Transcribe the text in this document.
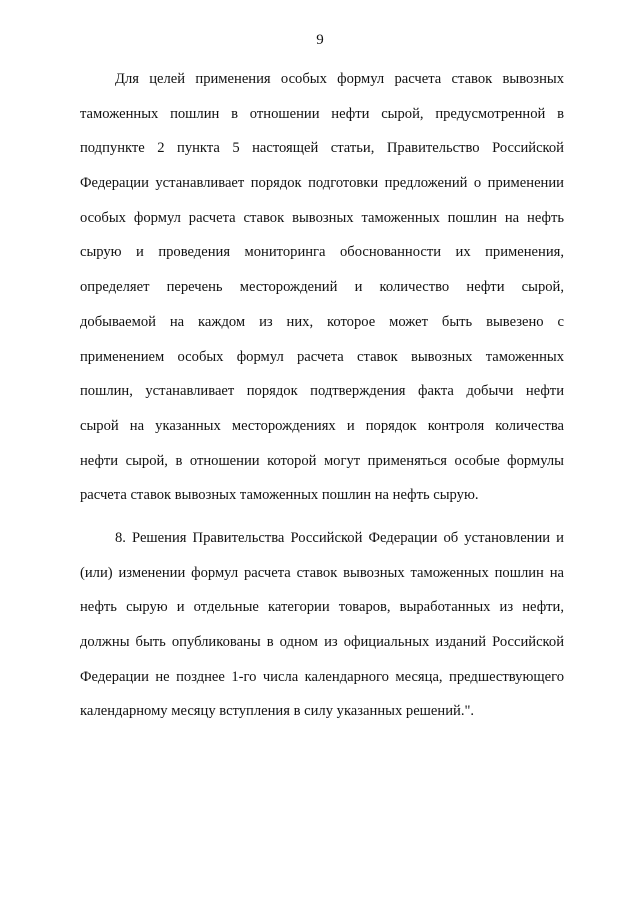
9
Для целей применения особых формул расчета ставок вывозных
таможенных пошлин в отношении нефти сырой, предусмотренной в
подпункте 2 пункта 5 настоящей статьи, Правительство Российской
Федерации устанавливает порядок подготовки предложений о применении
особых формул расчета ставок вывозных таможенных пошлин на нефть
сырую и проведения мониторинга обоснованности их применения,
определяет перечень месторождений и количество нефти сырой,
добываемой на каждом из них, которое может быть вывезено с
применением особых формул расчета ставок вывозных таможенных
пошлин, устанавливает порядок подтверждения факта добычи нефти
сырой на указанных месторождениях и порядок контроля количества
нефти сырой, в отношении которой могут применяться особые формулы
расчета ставок вывозных таможенных пошлин на нефть сырую.
8. Решения Правительства Российской Федерации об установлении и
(или) изменении формул расчета ставок вывозных таможенных пошлин на
нефть сырую и отдельные категории товаров, выработанных из нефти,
должны быть опубликованы в одном из официальных изданий Российской
Федерации не позднее 1-го числа календарного месяца, предшествующего
календарному месяцу вступления в силу указанных решений.".
